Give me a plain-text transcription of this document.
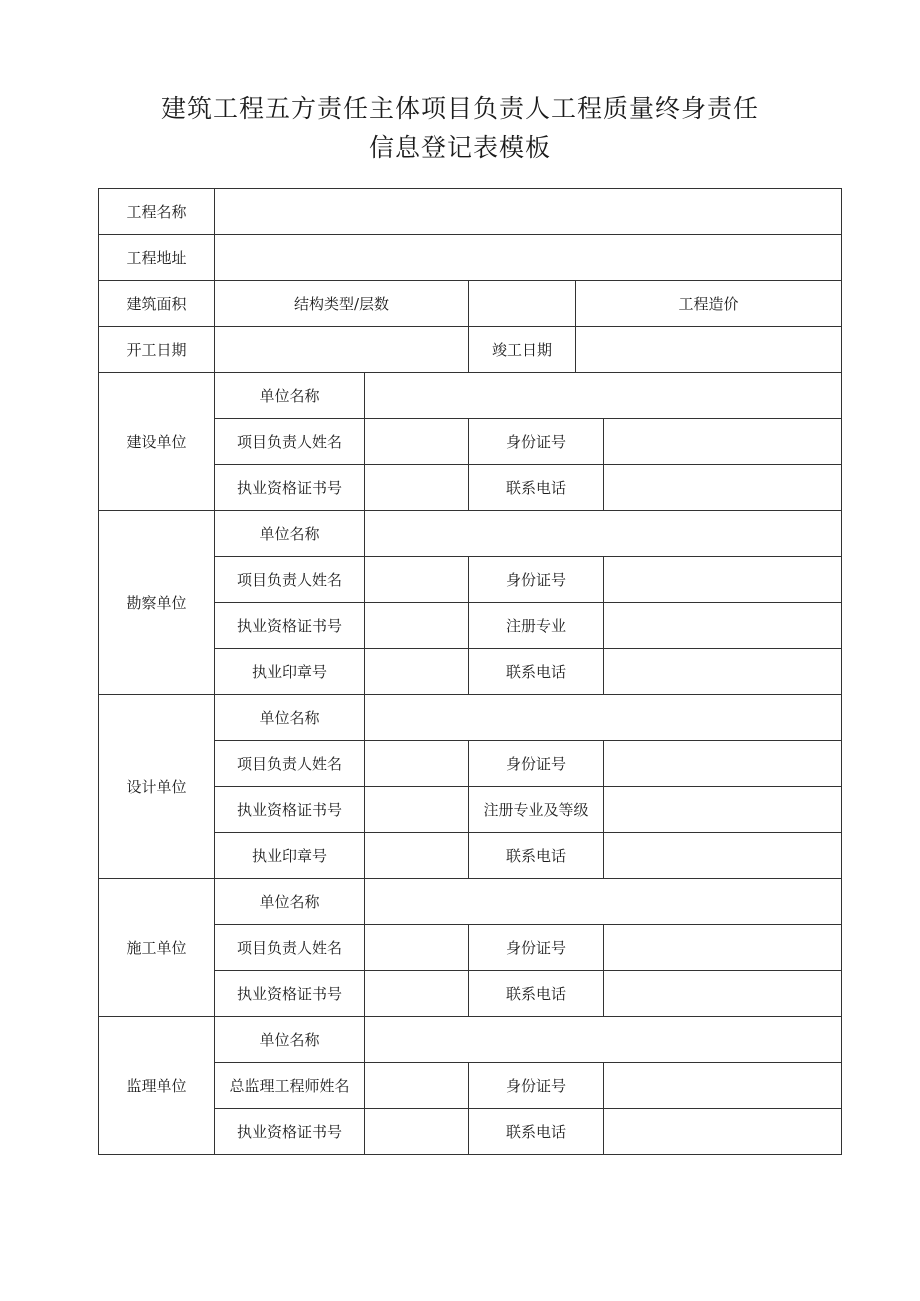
建筑工程五方责任主体项目负责人工程质量终身责任
信息登记表模板
工程名称					

工程地址					

建筑面积	结构类型/层数			工程造价	
开工日期			竣工日期		

建设单位	单位名称				

	项目负责人姓名		身份证号		

	执业资格证书号		联系电话		

勘察单位	单位名称				

	项目负责人姓名		身份证号		

	执业资格证书号		注册专业		

	执业印章号		联系电话		

设计单位	单位名称				

	项目负责人姓名		身份证号		

	执业资格证书号		注册专业及等级		

	执业印章号		联系电话		

施工单位	单位名称				

	项目负责人姓名		身份证号		

	执业资格证书号		联系电话		

监理单位	单位名称				

	总监理工程师姓名		身份证号		

	执业资格证书号		联系电话		
